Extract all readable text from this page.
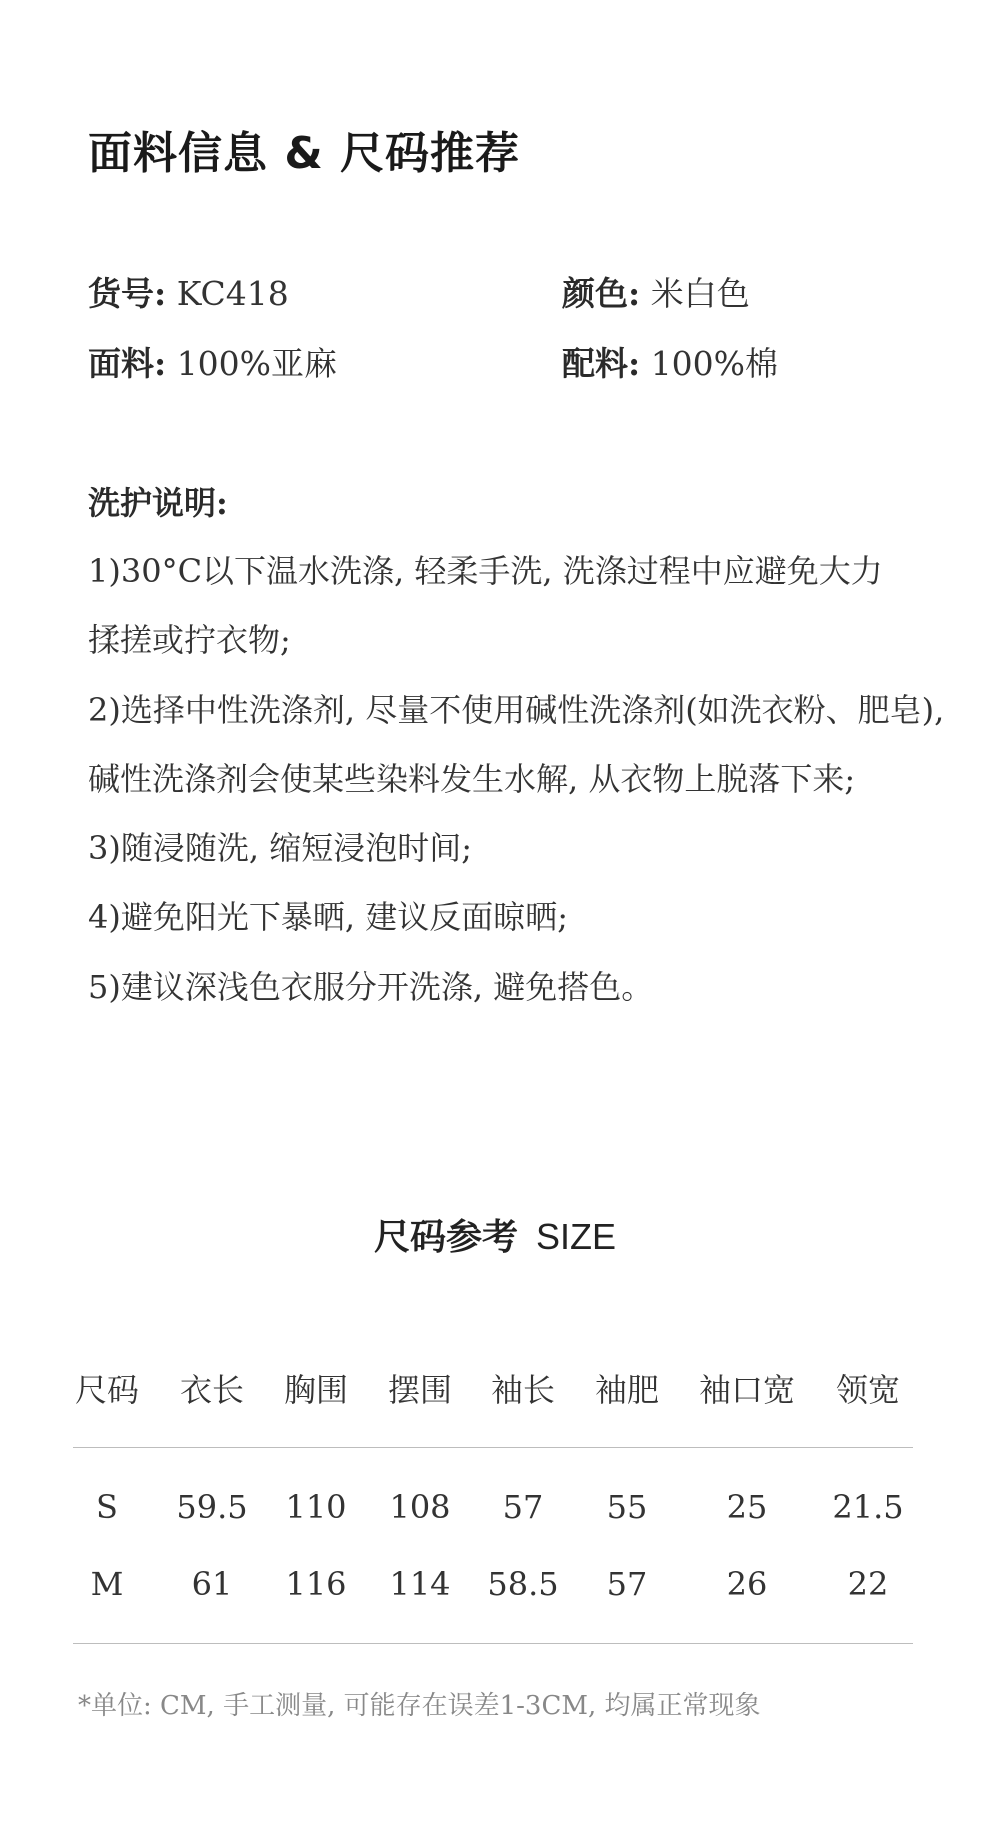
面料信息 & 尺码推荐
货号: KC418	颜色: 米白色
面料: 100%亚麻	配料: 100%棉
洗护说明:
1)30°C以下温水洗涤, 轻柔手洗, 洗涤过程中应避免大力
揉搓或拧衣物;
2)选择中性洗涤剂, 尽量不使用碱性洗涤剂(如洗衣粉、肥皂),
碱性洗涤剂会使某些染料发生水解, 从衣物上脱落下来;
3)随浸随洗, 缩短浸泡时间;
4)避免阳光下暴晒, 建议反面晾晒;
5)建议深浅色衣服分开洗涤, 避免搭色。
尺码参考 SIZE
尺码 衣长 胸围 摆围 袖长 袖肥 袖口宽 领宽
S 59.5 110 108 57 55 25 21.5
M 61 116 114 58.5 57 26	22
*单位: CM, 手工测量, 可能存在误差1-3CM, 均属正常现象
